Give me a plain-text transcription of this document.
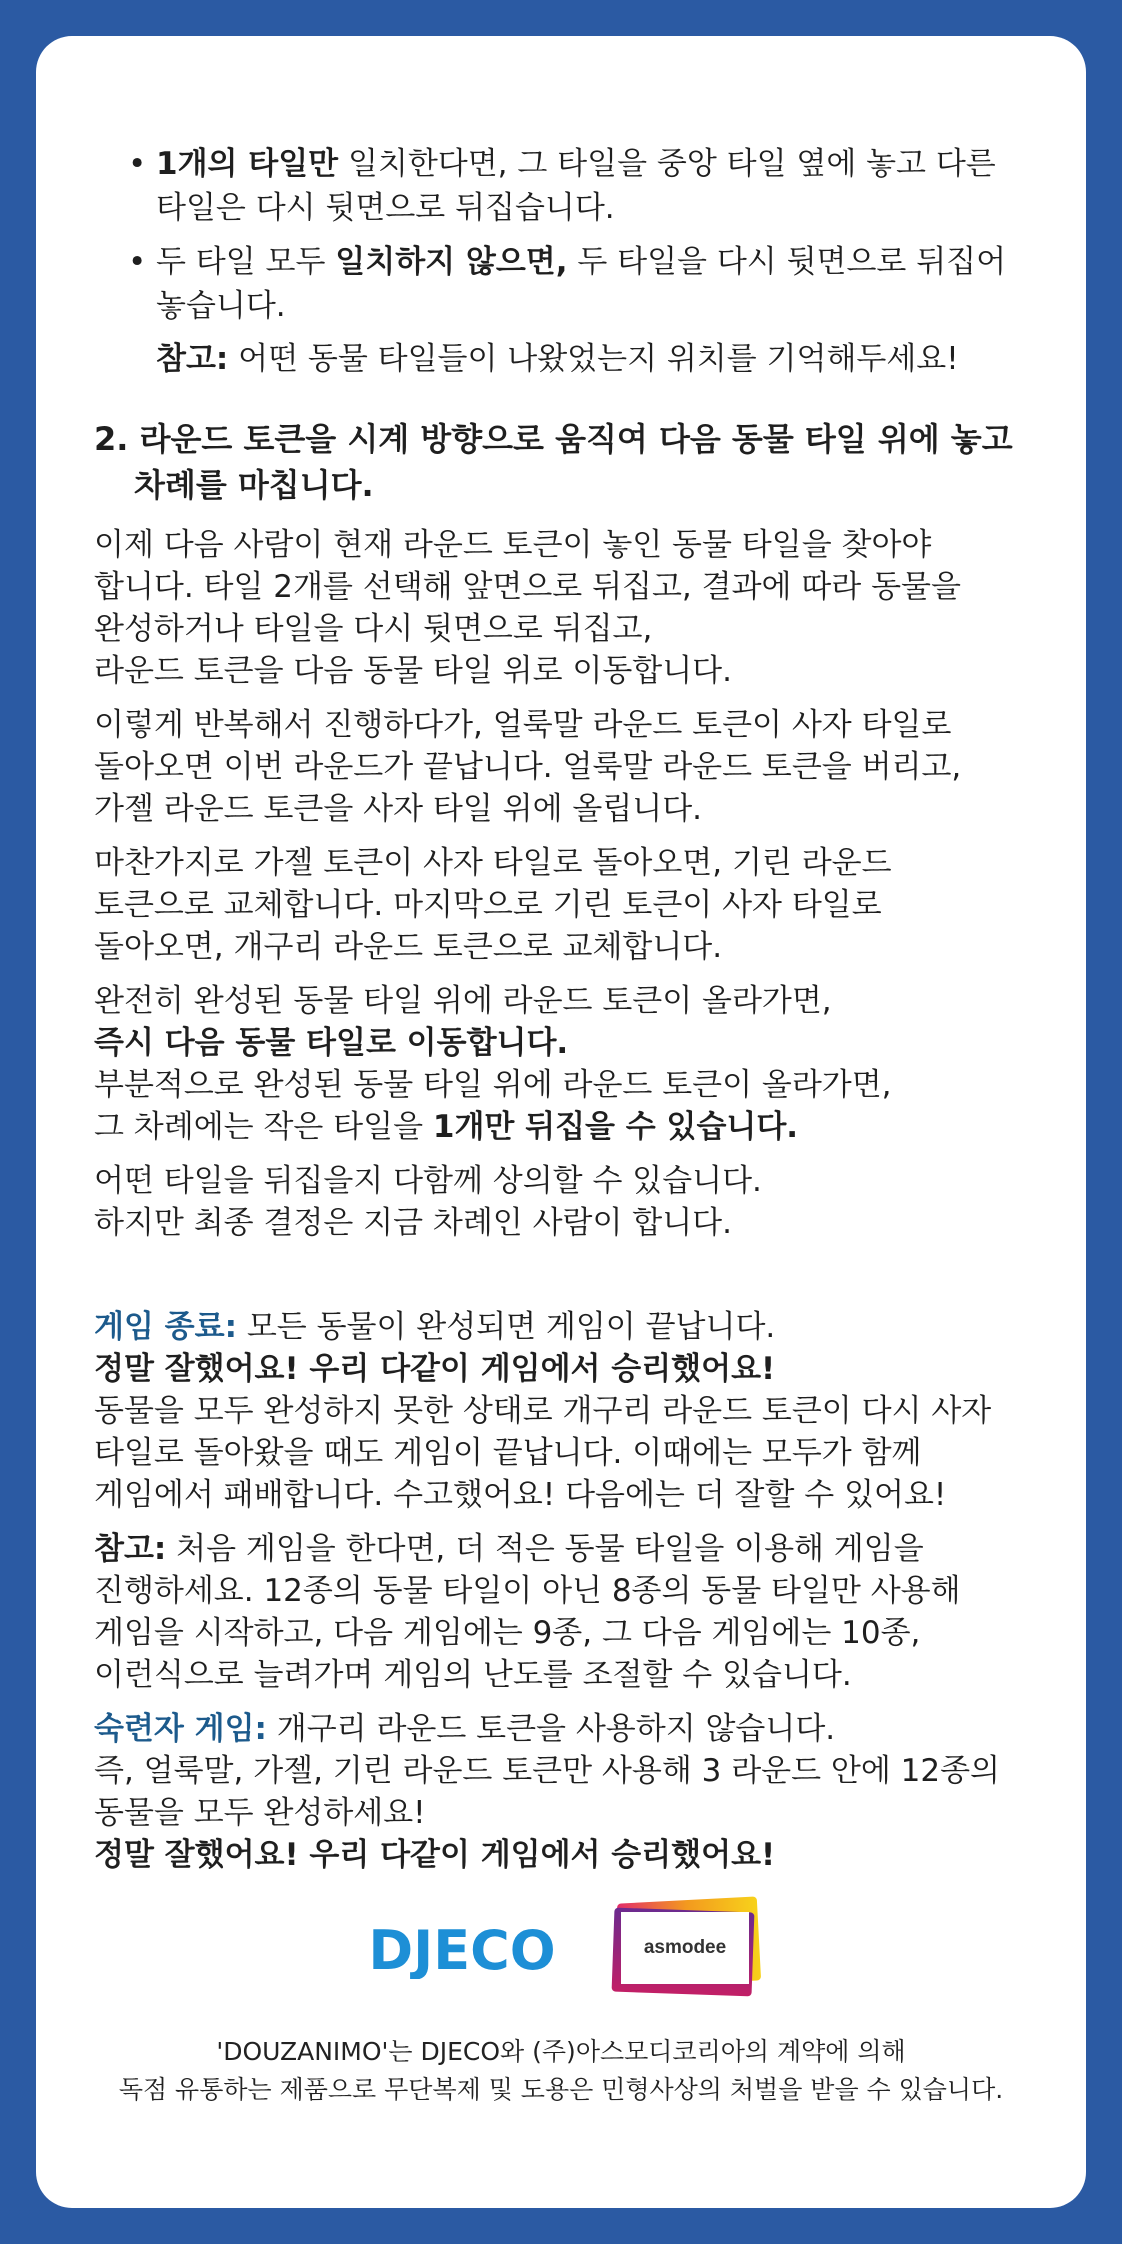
• 1개의 타일만 일치한다면, 그 타일을 중앙 타일 옆에 놓고 다른 타일은 다시 뒷면으로 뒤집습니다.
• 두 타일 모두 일치하지 않으면, 두 타일을 다시 뒷면으로 뒤집어놓습니다.

참고: 어떤 동물 타일들이 나왔었는지 위치를 기억해두세요!

2. 라운드 토큰을 시계 방향으로 움직여 다음 동물 타일 위에 놓고
차례를 마칩니다.

이제 다음 사람이 현재 라운드 토큰이 놓인 동물 타일을 찾아야
합니다. 타일 2개를 선택해 앞면으로 뒤집고, 결과에 따라 동물을
완성하거나 타일을 다시 뒷면으로 뒤집고,
라운드 토큰을 다음 동물 타일 위로 이동합니다.

이렇게 반복해서 진행하다가, 얼룩말 라운드 토큰이 사자 타일로
돌아오면 이번 라운드가 끝납니다. 얼룩말 라운드 토큰을 버리고,
가젤 라운드 토큰을 사자 타일 위에 올립니다.

마찬가지로 가젤 토큰이 사자 타일로 돌아오면, 기린 라운드
토큰으로 교체합니다. 마지막으로 기린 토큰이 사자 타일로
돌아오면, 개구리 라운드 토큰으로 교체합니다.

완전히 완성된 동물 타일 위에 라운드 토큰이 올라가면,
즉시 다음 동물 타일로 이동합니다.
부분적으로 완성된 동물 타일 위에 라운드 토큰이 올라가면,
그 차례에는 작은 타일을 1개만 뒤집을 수 있습니다.

어떤 타일을 뒤집을지 다함께 상의할 수 있습니다.
하지만 최종 결정은 지금 차례인 사람이 합니다.

게임 종료: 모든 동물이 완성되면 게임이 끝납니다.
정말 잘했어요! 우리 다같이 게임에서 승리했어요!
동물을 모두 완성하지 못한 상태로 개구리 라운드 토큰이 다시 사자
타일로 돌아왔을 때도 게임이 끝납니다. 이때에는 모두가 함께
게임에서 패배합니다. 수고했어요! 다음에는 더 잘할 수 있어요!

참고: 처음 게임을 한다면, 더 적은 동물 타일을 이용해 게임을
진행하세요. 12종의 동물 타일이 아닌 8종의 동물 타일만 사용해
게임을 시작하고, 다음 게임에는 9종, 그 다음 게임에는 10종,
이런식으로 늘려가며 게임의 난도를 조절할 수 있습니다.

숙련자 게임: 개구리 라운드 토큰을 사용하지 않습니다.
즉, 얼룩말, 가젤, 기린 라운드 토큰만 사용해 3 라운드 안에 12종의
동물을 모두 완성하세요!
정말 잘했어요! 우리 다같이 게임에서 승리했어요!

DJECO	asmodee
'DOUZANIMO'는 DJECO와 (주)아스모디코리아의 계약에 의해
독점 유통하는 제품으로 무단복제 및 도용은 민형사상의 처벌을 받을 수 있습니다.
